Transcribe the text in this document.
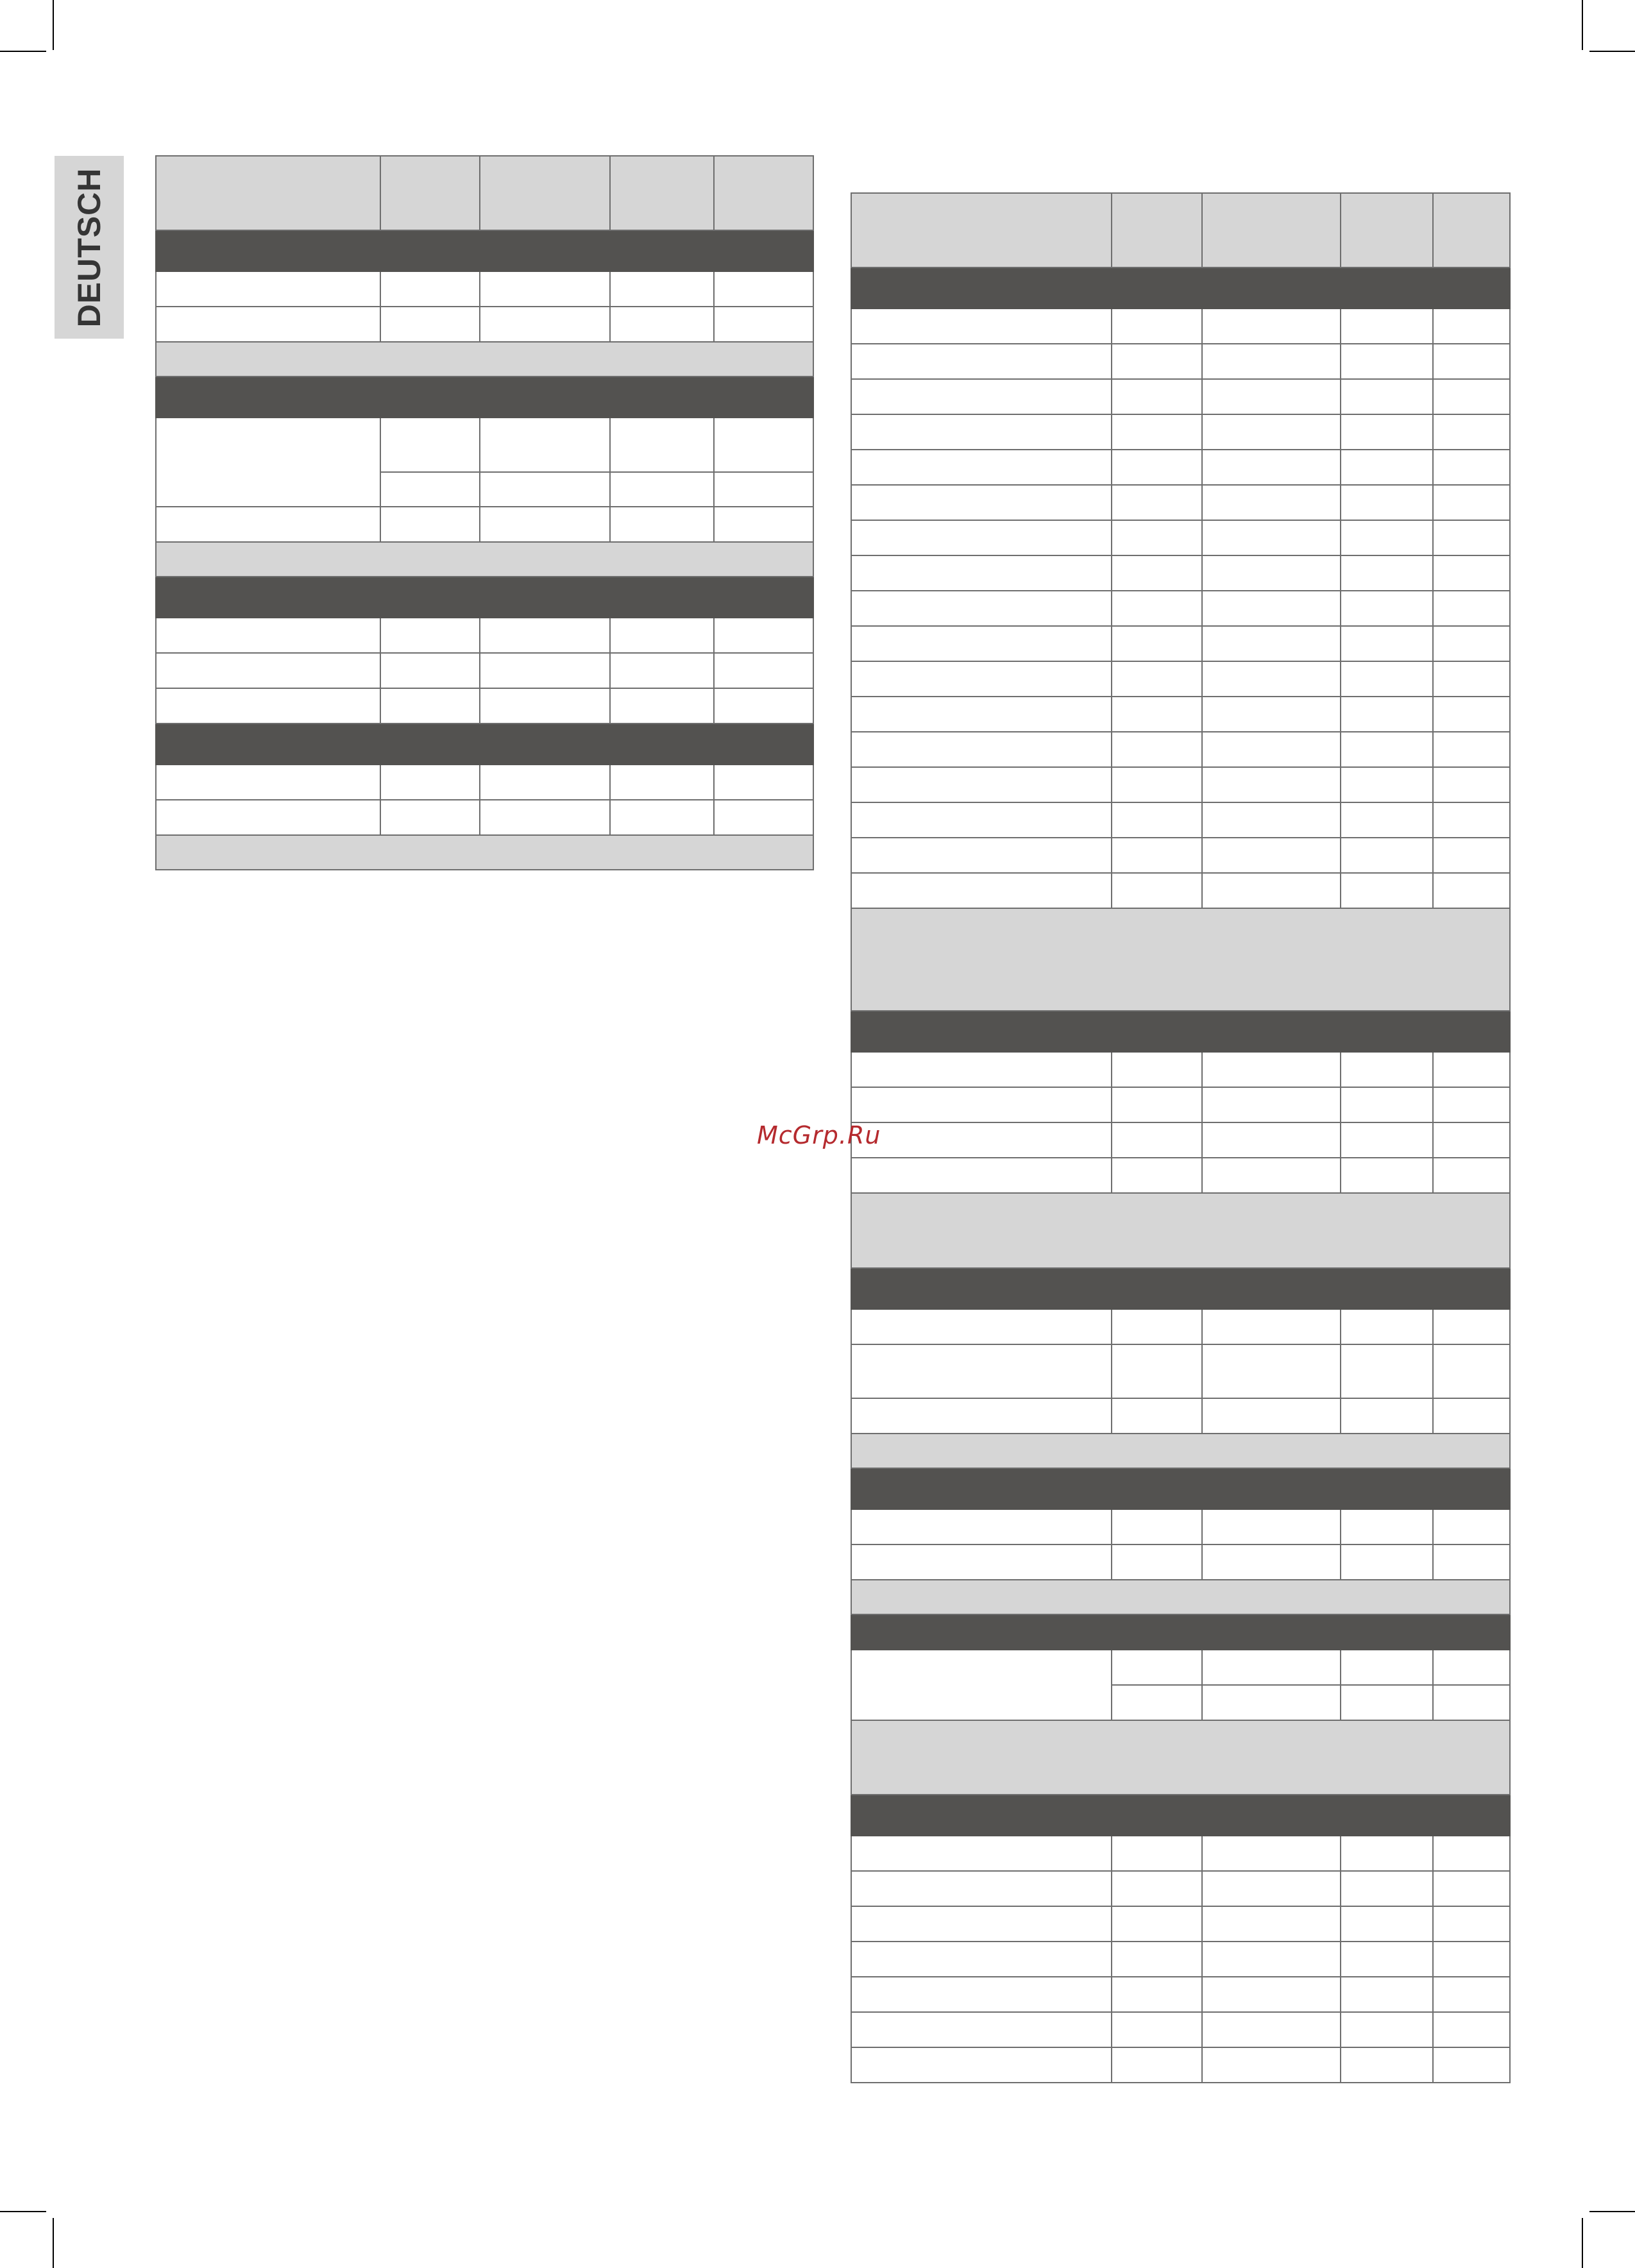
DEUTSCH

McGrp.Ru
